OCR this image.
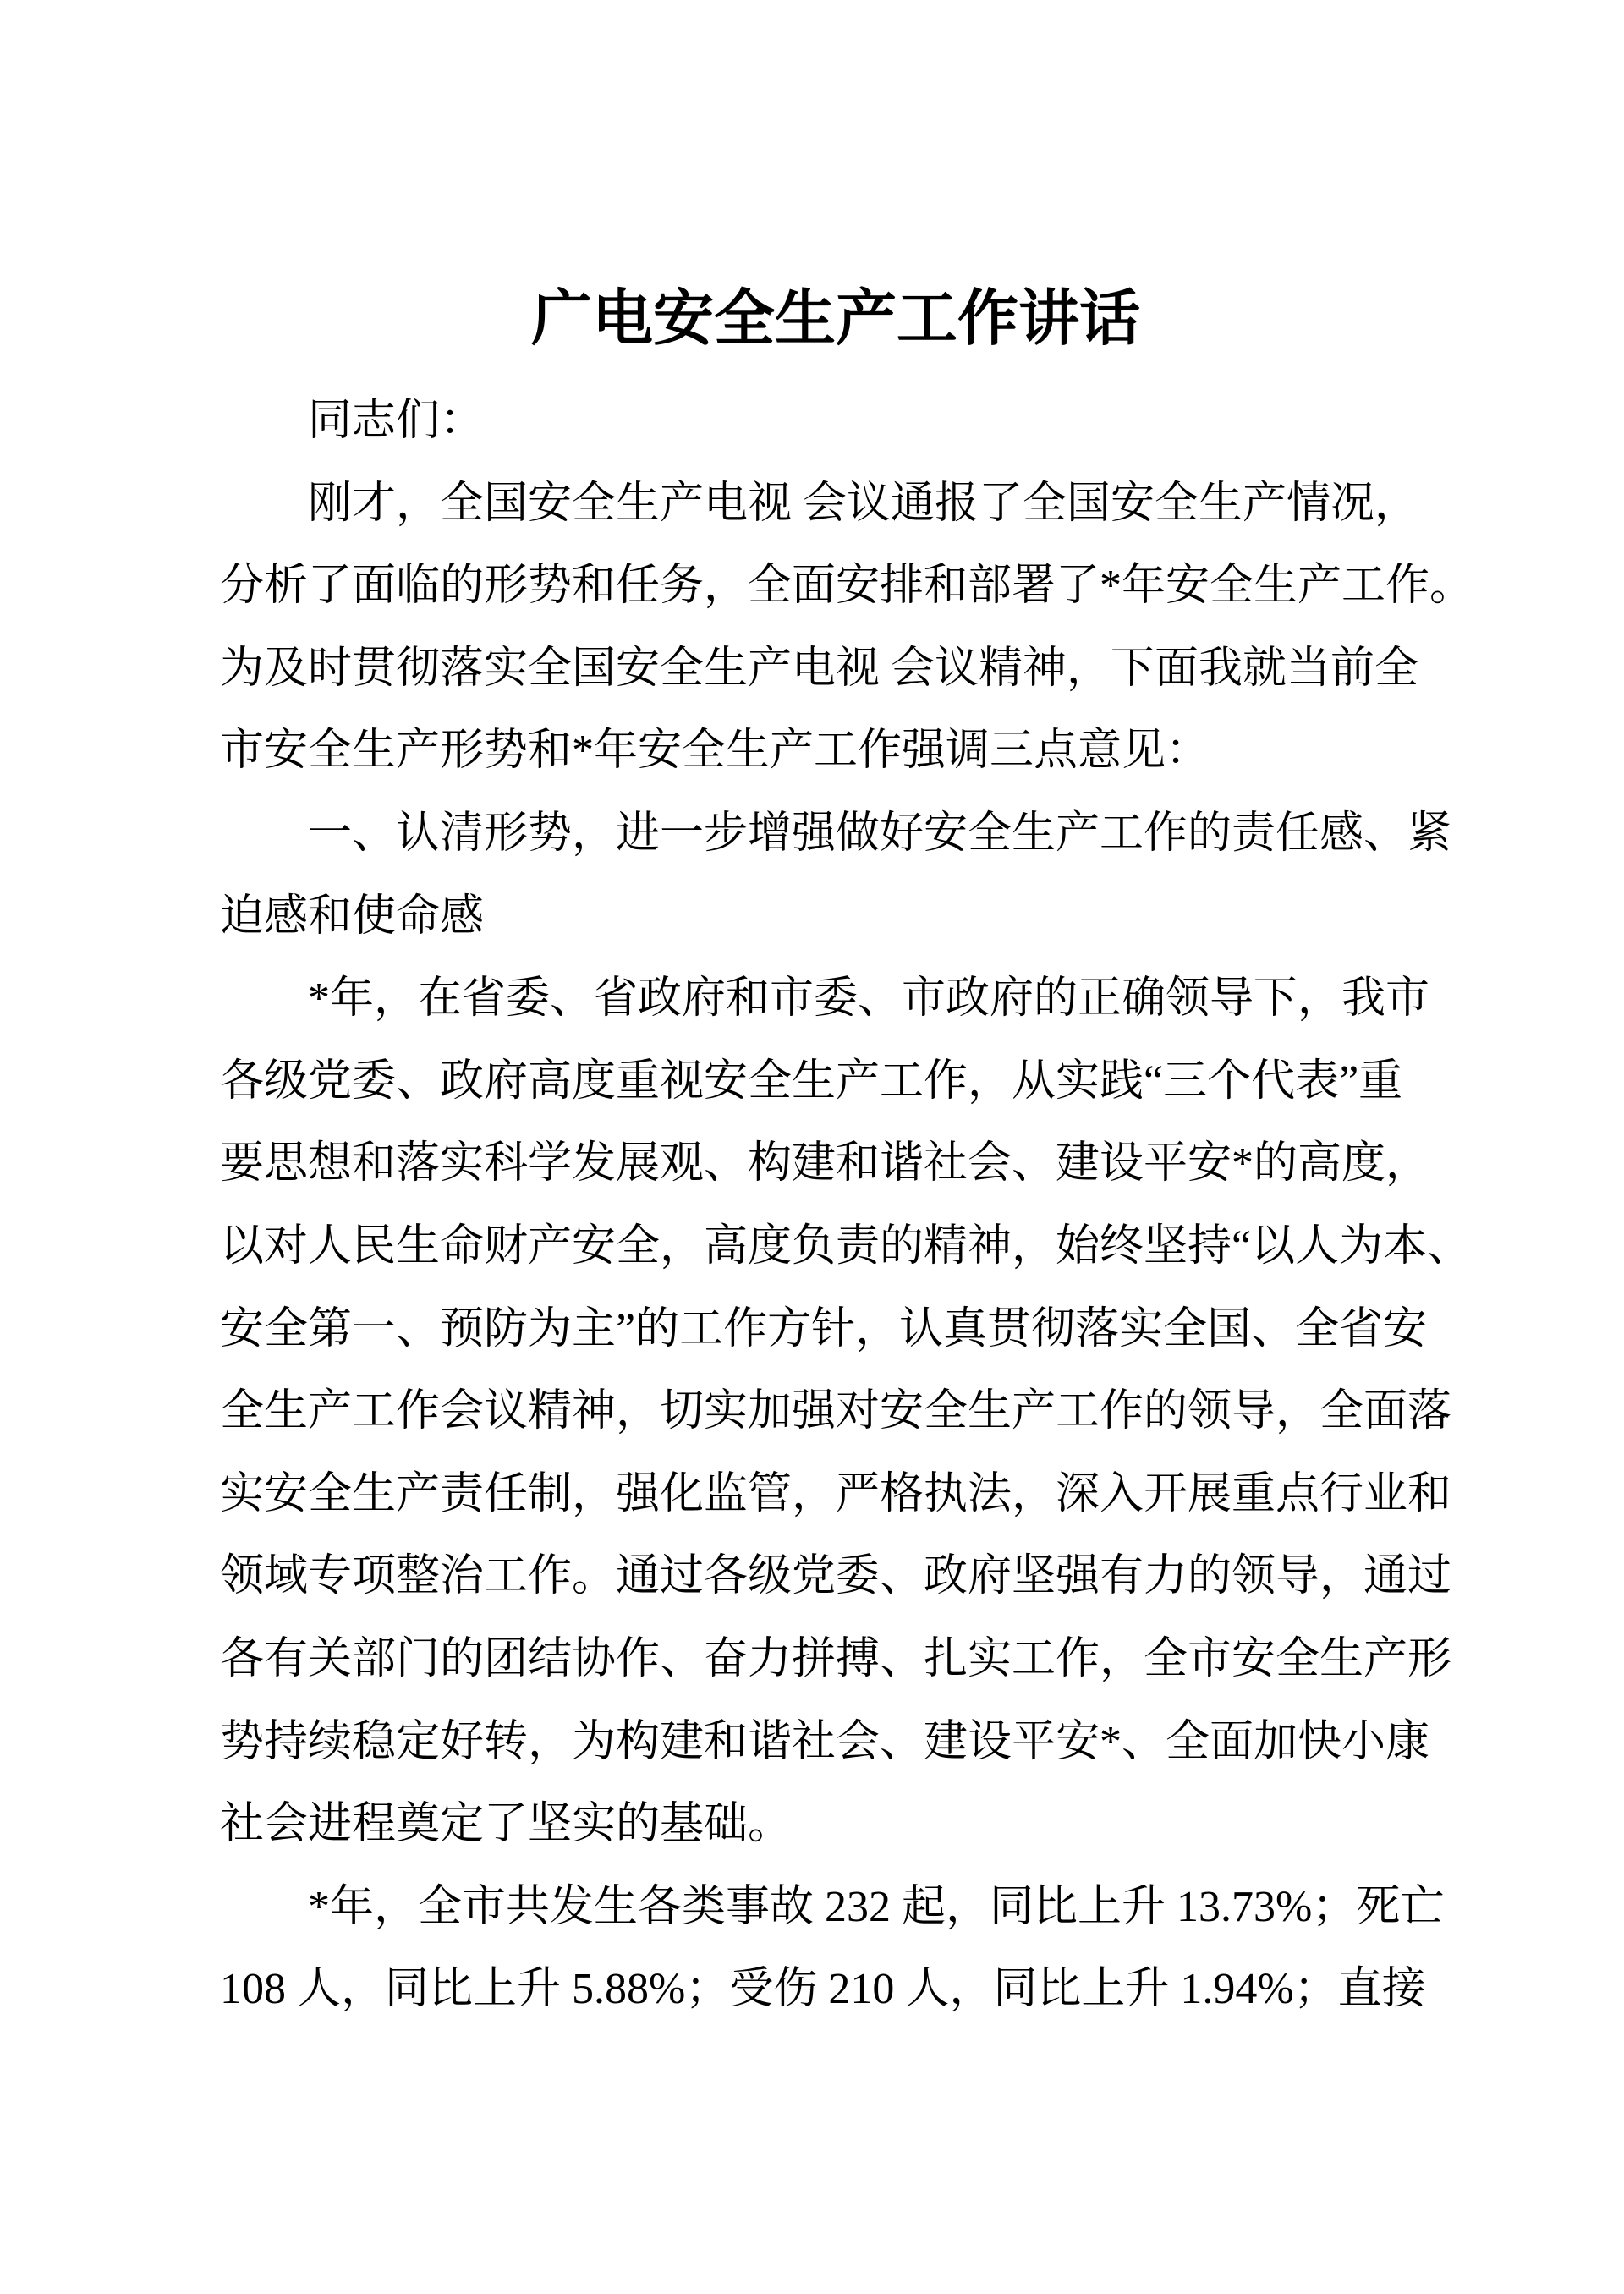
广电安全生产工作讲话
同志们：
刚才，全国安全生产电视 会议通报了全国安全生产情况，
分析了面临的形势和任务，全面安排和部署了*年安全生产工作。
为及时贯彻落实全国安全生产电视 会议精神，下面我就当前全
市安全生产形势和*年安全生产工作强调三点意见：
一、认清形势，进一步增强做好安全生产工作的责任感、紧
迫感和使命感
*年，在省委、省政府和市委、市政府的正确领导下，我市
各级党委、政府高度重视安全生产工作，从实践“三个代表”重
要思想和落实科学发展观、构建和谐社会、建设平安*的高度，
以对人民生命财产安全，高度负责的精神，始终坚持“以人为本、
安全第一、预防为主”的工作方针，认真贯彻落实全国、全省安
全生产工作会议精神，切实加强对安全生产工作的领导，全面落
实安全生产责任制，强化监管，严格执法，深入开展重点行业和
领域专项整治工作。通过各级党委、政府坚强有力的领导，通过
各有关部门的团结协作、奋力拼搏、扎实工作，全市安全生产形
势持续稳定好转，为构建和谐社会、建设平安*、全面加快小康
社会进程奠定了坚实的基础。
*年，全市共发生各类事故 232 起，同比上升 13.73%；死亡
108 人，同比上升 5.88%；受伤 210 人，同比上升 1.94%；直接
